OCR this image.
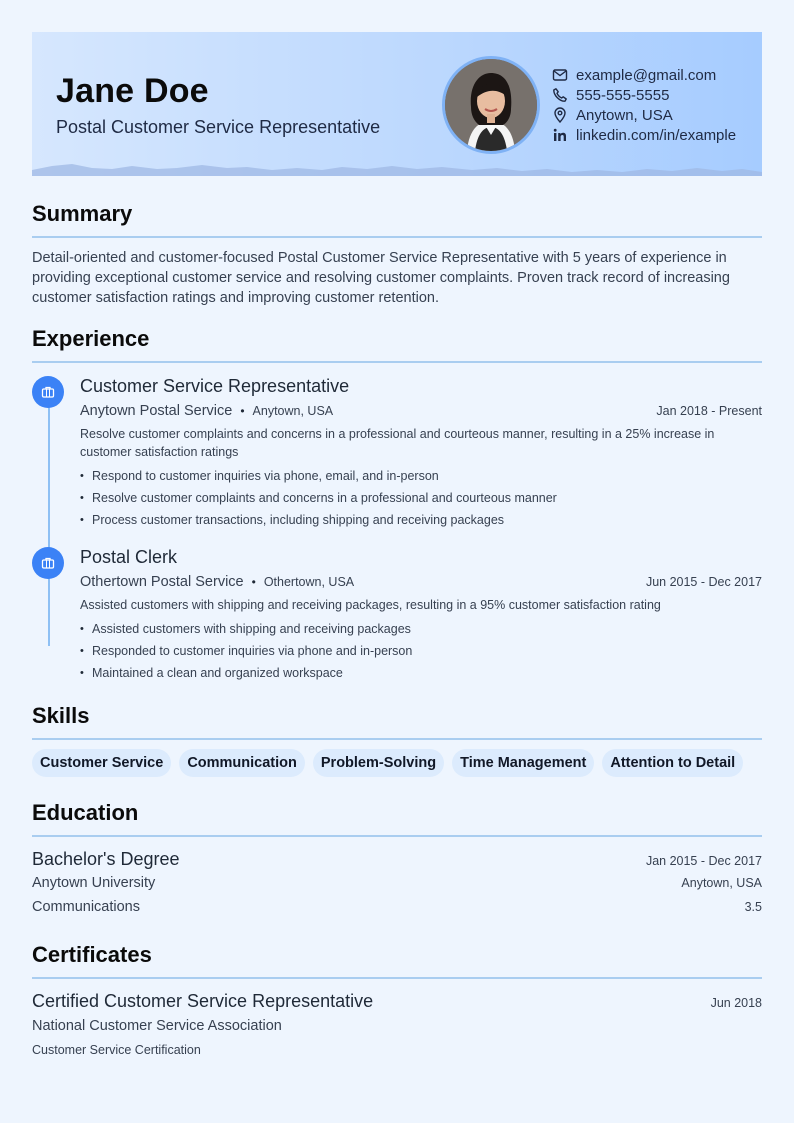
Jane Doe
Postal Customer Service Representative
example@gmail.com
555-555-5555
Anytown, USA
linkedin.com/in/example
Summary

Detail-oriented and customer-focused Postal Customer Service Representative with 5 years of experience in providing exceptional customer service and resolving customer complaints. Proven track record of increasing customer satisfaction ratings and improving customer retention.

Experience
Customer Service Representative
Anytown Postal Service • Anytown, USA	Jan 2018 - Present
Resolve customer complaints and concerns in a professional and courteous manner, resulting in a 25% increase in customer satisfaction ratings
• Respond to customer inquiries via phone, email, and in-person
• Resolve customer complaints and concerns in a professional and courteous manner
• Process customer transactions, including shipping and receiving packages
Postal Clerk
Othertown Postal Service • Othertown, USA	Jun 2015 - Dec 2017
Assisted customers with shipping and receiving packages, resulting in a 95% customer satisfaction rating
• Assisted customers with shipping and receiving packages
• Responded to customer inquiries via phone and in-person
• Maintained a clean and organized workspace
Skills
Customer Service	Communication	Problem-Solving	Time Management	Attention to Detail
Education
Bachelor's Degree	Jan 2015 - Dec 2017
Anytown University	Anytown, USA
Communications	3.5
Certificates
Certified Customer Service Representative	Jun 2018
National Customer Service Association
Customer Service Certification
